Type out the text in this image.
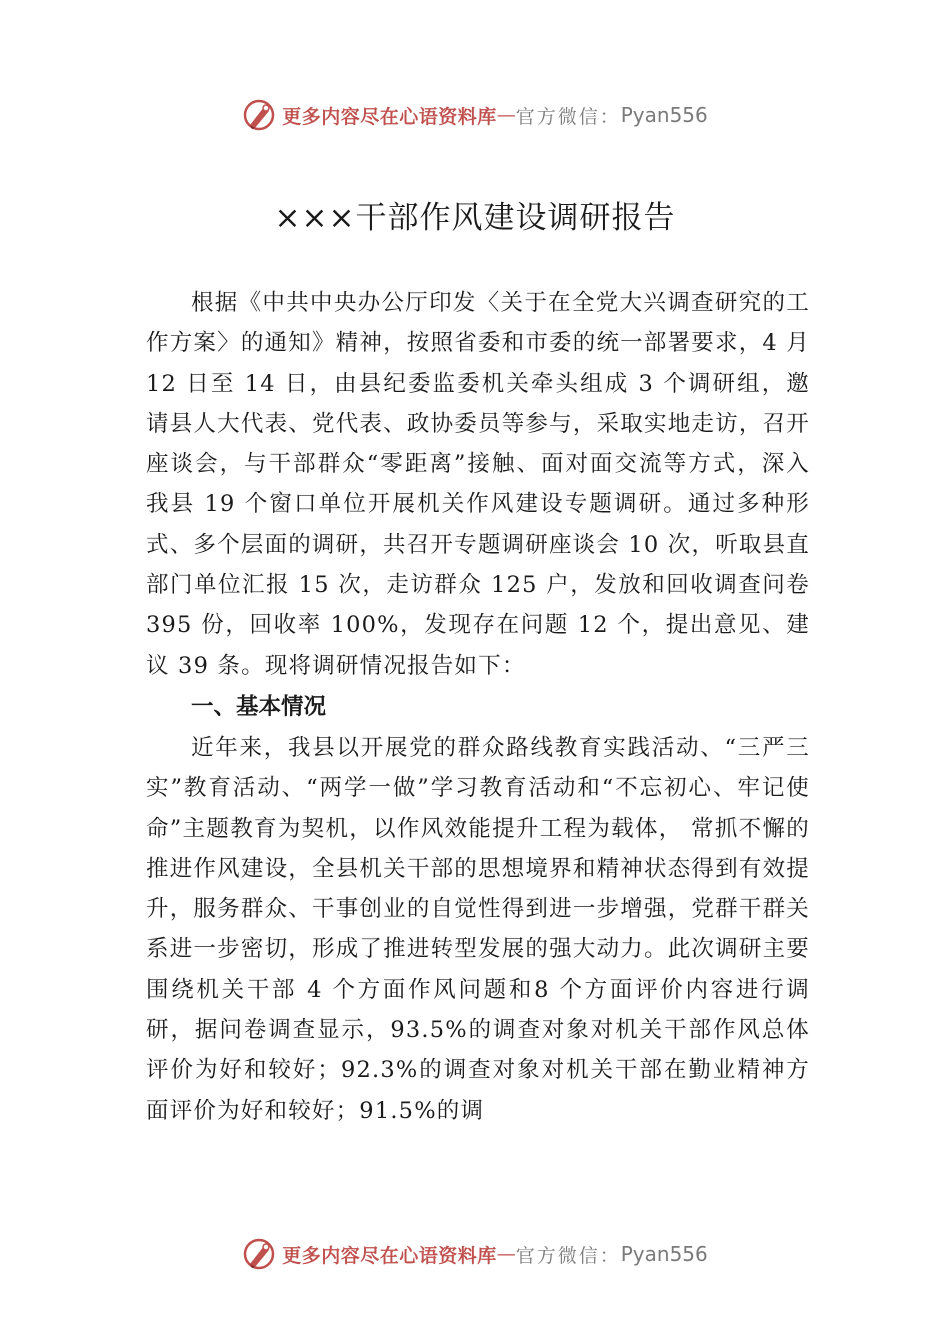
更多内容尽在心语资料库 — 官方微信： Pyan556
×××干部作风建设调研报告

根据《中共中央办公厅印发〈关于在全党大兴调查研究的工作方案〉的通知》精神，按照省委和市委的统一部署要求，4 月 12 日至 14 日，由县纪委监委机关牵头组成 3 个调研组，邀请县人大代表、党代表、政协委员等参与，采取实地走访，召开座谈会，与干部群众“零距离”接触、面对面交流等方式，深入我县 19 个窗口单位开展机关作风建设专题调研。通过多种形式、多个层面的调研，共召开专题调研座谈会 10 次，听取县直部门单位汇报 15 次，走访群众 125 户，发放和回收调查问卷 395 份，回收率 100%，发现存在问题 12 个，提出意见、建议 39 条。现将调研情况报告如下：

一、基本情况

近年来，我县以开展党的群众路线教育实践活动、“三严三实”教育活动、“两学一做”学习教育活动和“不忘初心、牢记使命”主题教育为契机，以作风效能提升工程为载体， 常抓不懈的推进作风建设，全县机关干部的思想境界和精神状态得到有效提升，服务群众、干事创业的自觉性得到进一步增强，党群干群关系进一步密切，形成了推进转型发展的强大动力。此次调研主要围绕机关干部 4 个方面作风问题和8 个方面评价内容进行调研，据问卷调查显示，93.5%的调查对象对机关干部作风总体评价为好和较好；92.3%的调查对象对机关干部在勤业精神方面评价为好和较好；91.5%的调

更多内容尽在心语资料库 — 官方微信： Pyan556
